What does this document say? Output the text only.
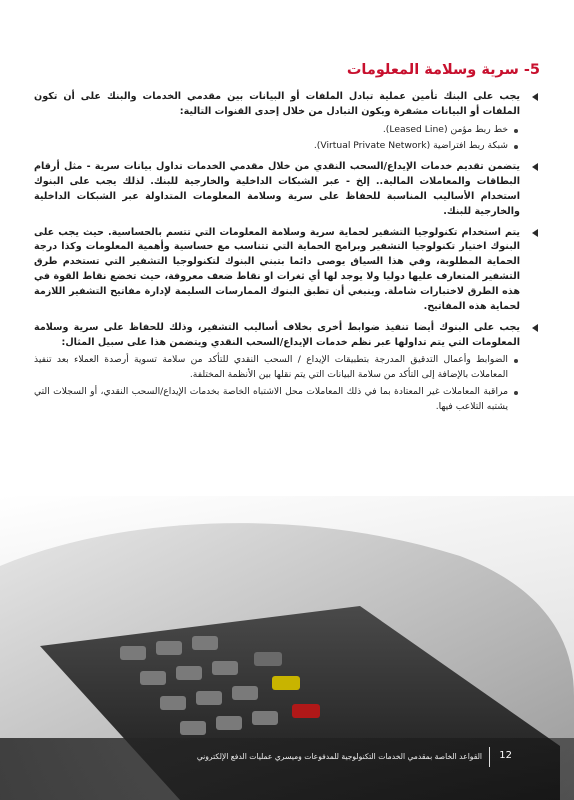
5- سرية وسلامة المعلومات
يجب على البنك تأمين عملية تبادل الملفات أو البيانات بين مقدمي الخدمات والبنك على أن تكون الملفات أو البيانات مشفرة ويكون التبادل من خلال إحدى القنوات التالية:
خط ربط مؤمن (Leased Line).
شبكة ربط افتراضية (Virtual Private Network).
يتضمن تقديم خدمات الإيداع/السحب النقدي من خلال مقدمي الخدمات تداول بيانات سرية - مثل أرقام البطاقات والمعاملات المالية.. إلخ - عبر الشبكات الداخلية والخارجية للبنك. لذلك يجب على البنوك استخدام الأساليب المناسبة للحفاظ على سرية وسلامة المعلومات المتداولة عبر الشبكات الداخلية والخارجية للبنك.
يتم استخدام تكنولوجيا التشفير لحماية سرية وسلامة المعلومات التي تتسم بالحساسية. حيث يجب على البنوك اختيار تكنولوجيا التشفير وبرامج الحماية التي تتناسب مع حساسية وأهمية المعلومات وكذا درجة الحماية المطلوبة، وفي هذا السياق يوصى دائما بتبني البنوك لتكنولوجيا التشفير التي تستخدم طرق التشفير المتعارف عليها دوليا ولا يوجد لها أي ثغرات او نقاط ضعف معروفة، حيث تخضع نقاط القوة في هذه الطرق لاختبارات شاملة. وينبغي أن تطبق البنوك الممارسات السليمة لإدارة مفاتيح التشفير اللازمة لحماية هذه المفاتيح.
يجب على البنوك أيضا تنفيذ ضوابط أخرى بخلاف أساليب التشفير، وذلك للحفاظ على سرية وسلامة المعلومات التي يتم تداولها عبر نظم خدمات الإيداع/السحب النقدي ويتضمن هذا على سبيل المثال:
الضوابط وأعمال التدقيق المدرجة بتطبيقات الإيداع / السحب النقدي للتأكد من سلامة تسوية أرصدة العملاء بعد تنفيذ المعاملات بالإضافة إلى التأكد من سلامة البيانات التي يتم نقلها بين الأنظمة المختلفة.
مراقبة المعاملات غير المعتادة بما في ذلك المعاملات محل الاشتباه الخاصة بخدمات الإيداع/السحب النقدي، أو السجلات التي يشتبه التلاعب فيها.
القواعد الخاصة بمقدمي الخدمات التكنولوجية للمدفوعات وميسري عمليات الدفع الإلكتروني 12
